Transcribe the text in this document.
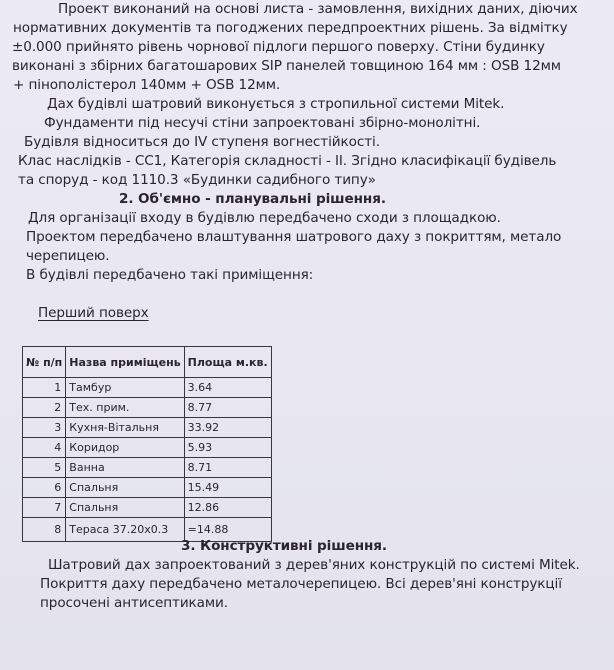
Проект виконаний на основі листа - замовлення, вихідних даних, діючих
нормативних документів та погоджених передпроектних рішень. За відмітку
±0.000 прийнято рівень чорнової підлоги першого поверху. Стіни будинку
виконані з збірних багатошарових SIP панелей товщиною 164 мм : OSB 12мм
+ пінополістерол 140мм + OSB 12мм.
Дах будівлі шатровий виконується з стропильної системи Mitek.
Фундаменти під несучі стіни запроектовані збірно-монолітні.
Будівля відноситься до IV ступеня вогнестійкості.
Клас наслідків - СС1, Категорія складності - ІІ. Згідно класифікації будівель
та споруд - код 1110.3 «Будинки садибного типу»
2. Об'ємно - планувальні рішення.
Для організації входу в будівлю передбачено сходи з площадкою.
Проектом передбачено влаштування шатрового даху з покриттям, метало
черепицею.
В будівлі передбачено такі приміщення:
Перший поверх
№ п/п	Назва приміщень	Площа м.кв.
1	Тамбур	3.64
2	Тех. прим.	8.77
3	Кухня-Вітальня	33.92
4	Коридор	5.93
5	Ванна	8.71
6	Спальня	15.49
7	Спальня	12.86
8	Тераса 37.20х0.3	=14.88
3. Конструктивні рішення.
Шатровий дах запроектований з дерев'яних конструкцій по системі Mitek.
Покриття даху передбачено металочерепицею. Всі дерев'яні конструкції
просочені антисептиками.
